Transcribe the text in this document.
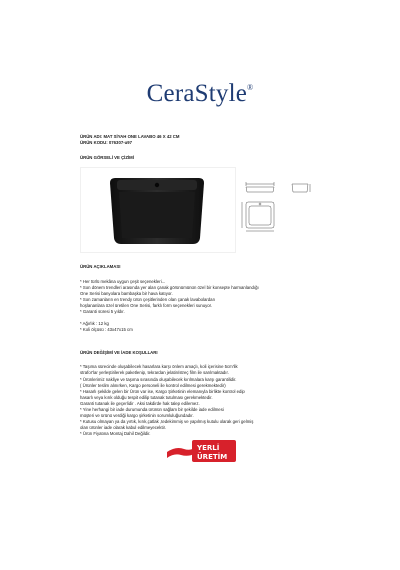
CeraStyle®
ÜRÜN ADI: MAT SİYAH ONE LAVABO 46 X 42 CM
ÜRÜN KODU: 076307-u97
ÜRÜN GÖRSELİ VE ÇİZİMİ
ÜRÜN AÇIKLAMASI
* Her türlü mekâna uygun çeşit seçenekleri...
* Son dönem trendleri arasında yer alan çanak görünümünün özel bir konsepte harmanlandığı
One Serisi banyolara bambaşka bir hava katıyor.
* Son zamanların en trendy ürün çeşitlerinden olan çanak lavabolardan
hoşlananlara özel üretilen One Serisi, farklı form seçenekleri sunuyor.
* Garanti süresi 5 yıldır.
* Ağırlık : 12 kg
* Koli ölçüsü : 43x47x15 cm
ÜRÜN DEĞİŞİMİ VE İADE KOŞULLARI
* Taşıma sürecinde oluşabilecek hasarlara karşı önlem amaçlı, koli içerisine 5cm'lik
strafor'lar yerleştirilerek paketlenip, tekrardan jelatin/streç film ile sarılmaktadır.
* Ürünlerimiz nakliye ve taşıma sırasında oluşabilecek kırılmalara karşı garantilidir.
( Ürünler teslim alınırken, Kargo personeli ile kontrol edilmesi gerekmektedir)
* Hasarlı şekilde gelen bir Ürün var ise, Kargo Şirketinin elemanıyla birlikte kontrol edip
hasarlı veya kırık olduğu tespit edilip tutanak tutulması gerekmektedir.
Garanti tutanak ile geçerlidir . Aksi takdirde hak talep edilemez.
* Yine herhangi bir iade durumunda ürünün sağlam bir şekilde iade edilmesi
müşteri ve ürünü verdiği kargo şirketinin sorumluluğundadır.
* Kutusu olmayan ya da yırtık, kırık,çatlak ,tedekimmiş ve yapılmış kutulu olarak geri gelmiş
olan ürünler iade olarak kabul edilmeyecektir.
* Ürün Fiyatına Montaj Dahil Değildir.
YERLİ
ÜRETİM
